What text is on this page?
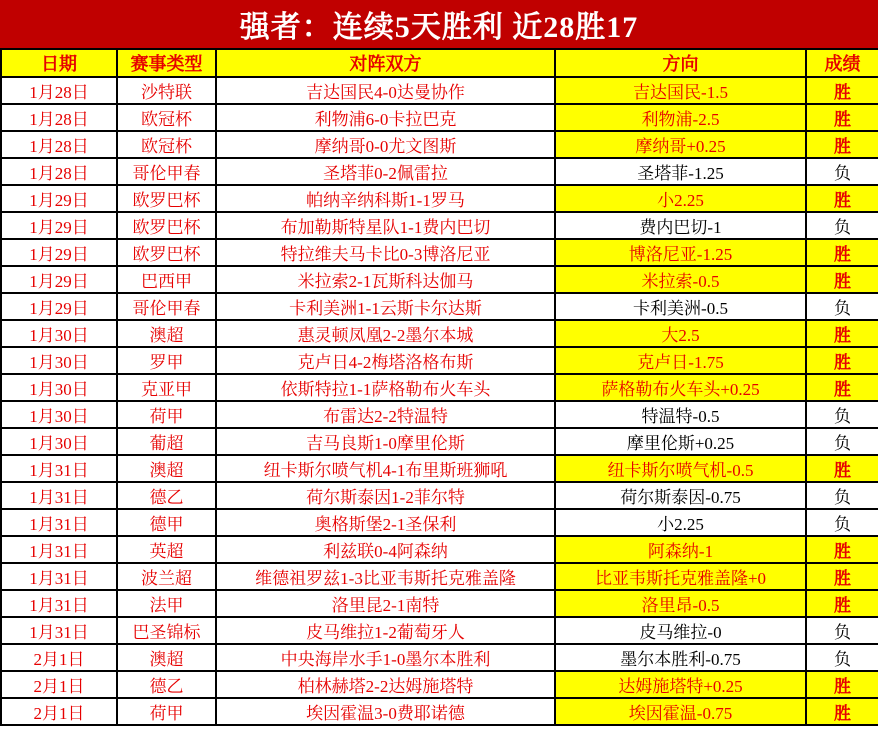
强者：连续5天胜利 近28胜17
日期	赛事类型	对阵双方	方向	成绩
1月28日	沙特联	吉达国民4-0达曼协作	吉达国民-1.5	胜
1月28日	欧冠杯	利物浦6-0卡拉巴克	利物浦-2.5	胜
1月28日	欧冠杯	摩纳哥0-0尤文图斯	摩纳哥+0.25	胜
1月28日	哥伦甲春	圣塔菲0-2佩雷拉	圣塔菲-1.25	负
1月29日	欧罗巴杯	帕纳辛纳科斯1-1罗马	小2.25	胜
1月29日	欧罗巴杯	布加勒斯特星队1-1费内巴切	费内巴切-1	负
1月29日	欧罗巴杯	特拉维夫马卡比0-3博洛尼亚	博洛尼亚-1.25	胜
1月29日	巴西甲	米拉索2-1瓦斯科达伽马	米拉索-0.5	胜
1月29日	哥伦甲春	卡利美洲1-1云斯卡尔达斯	卡利美洲-0.5	负
1月30日	澳超	惠灵顿凤凰2-2墨尔本城	大2.5	胜
1月30日	罗甲	克卢日4-2梅塔洛格布斯	克卢日-1.75	胜
1月30日	克亚甲	依斯特拉1-1萨格勒布火车头	萨格勒布火车头+0.25	胜
1月30日	荷甲	布雷达2-2特温特	特温特-0.5	负
1月30日	葡超	吉马良斯1-0摩里伦斯	摩里伦斯+0.25	负
1月31日	澳超	纽卡斯尔喷气机4-1布里斯班狮吼	纽卡斯尔喷气机-0.5	胜
1月31日	德乙	荷尔斯泰因1-2菲尔特	荷尔斯泰因-0.75	负
1月31日	德甲	奥格斯堡2-1圣保利	小2.25	负
1月31日	英超	利兹联0-4阿森纳	阿森纳-1	胜
1月31日	波兰超	维德祖罗兹1-3比亚韦斯托克雅盖隆	比亚韦斯托克雅盖隆+0	胜
1月31日	法甲	洛里昆2-1南特	洛里昂-0.5	胜
1月31日	巴圣锦标	皮马维拉1-2葡萄牙人	皮马维拉-0	负
2月1日	澳超	中央海岸水手1-0墨尔本胜利	墨尔本胜利-0.75	负
2月1日	德乙	柏林赫塔2-2达姆施塔特	达姆施塔特+0.25	胜
2月1日	荷甲	埃因霍温3-0费耶诺德	埃因霍温-0.75	胜
